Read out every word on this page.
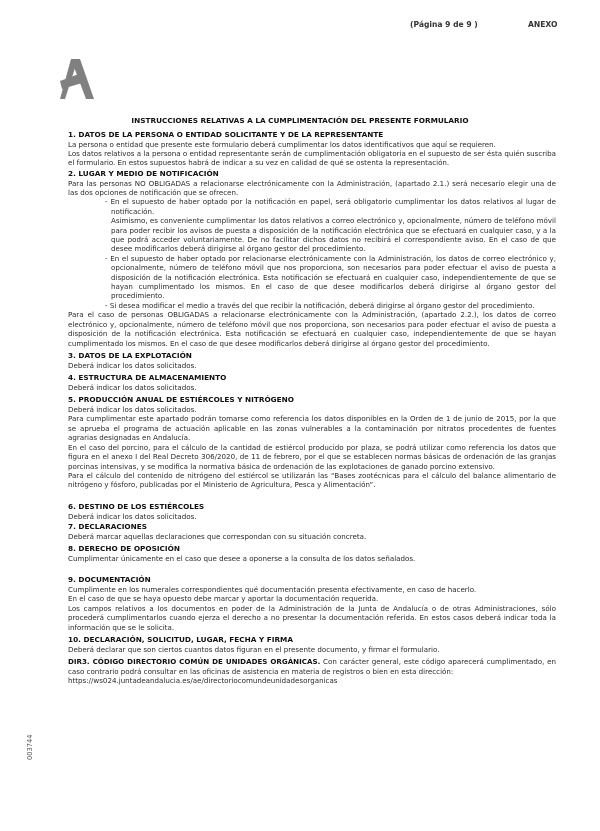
(Página 9 de 9 )	ANEXO
INSTRUCCIONES RELATIVAS A LA CUMPLIMENTACIÓN DEL PRESENTE FORMULARIO
1. DATOS DE LA PERSONA O ENTIDAD SOLICITANTE Y DE LA REPRESENTANTE

La persona o entidad que presente este formulario deberá cumplimentar los datos identificativos que aquí se requieren.

Los datos relativos a la persona o entidad representante serán de cumplimentación obligatoria en el supuesto de ser ésta quién suscriba el formulario. En estos supuestos habrá de indicar a su vez en calidad de qué se ostenta la representación.

2. LUGAR Y MEDIO DE NOTIFICACIÓN

Para las personas NO OBLIGADAS a relacionarse electrónicamente con la Administración, (apartado 2.1.) será necesario elegir una de las dos opciones de notificación que se ofrecen.

- En el supuesto de haber optado por la notificación en papel, será obligatorio cumplimentar los datos relativos al lugar de notificación.

Asimismo, es conveniente cumplimentar los datos relativos a correo electrónico y, opcionalmente, número de teléfono móvil para poder recibir los avisos de puesta a disposición de la notificación electrónica que se efectuará en cualquier caso, y a la que podrá acceder voluntariamente. De no facilitar dichos datos no recibirá el correspondiente aviso. En el caso de que desee modificarlos deberá dirigirse al órgano gestor del procedimiento.

- En el supuesto de haber optado por relacionarse electrónicamente con la Administración, los datos de correo electrónico y, opcionalmente, número de teléfono móvil que nos proporciona, son necesarios para poder efectuar el aviso de puesta a disposición de la notificación electrónica. Esta notificación se efectuará en cualquier caso, independientemente de que se hayan cumplimentado los mismos. En el caso de que desee modificarlos deberá dirigirse al órgano gestor del procedimiento.

- Si desea modificar el medio a través del que recibir la notificación, deberá dirigirse al órgano gestor del procedimiento.

Para el caso de personas OBLIGADAS a relacionarse electrónicamente con la Administración, (apartado 2.2.), los datos de correo electrónico y, opcionalmente, número de teléfono móvil que nos proporciona, son necesarios para poder efectuar el aviso de puesta a disposición de la notificación electrónica. Esta notificación se efectuará en cualquier caso, independientemente de que se hayan cumplimentado los mismos. En el caso de que desee modificarlos deberá dirigirse al órgano gestor del procedimiento.

3. DATOS DE LA EXPLOTACIÓN

Deberá indicar los datos solicitados.

4. ESTRUCTURA DE ALMACENAMIENTO

Deberá indicar los datos solicitados.

5. PRODUCCIÓN ANUAL DE ESTIÉRCOLES Y NITRÓGENO

Deberá indicar los datos solicitados.

Para cumplimentar este apartado podrán tomarse como referencia los datos disponibles en la Orden de 1 de junio de 2015, por la que se aprueba el programa de actuación aplicable en las zonas vulnerables a la contaminación por nitratos procedentes de fuentes agrarias designadas en Andalucía.

En el caso del porcino, para el cálculo de la cantidad de estiércol producido por plaza, se podrá utilizar como referencia los datos que figura en el anexo I del Real Decreto 306/2020, de 11 de febrero, por el que se establecen normas básicas de ordenación de las granjas porcinas intensivas, y se modifica la normativa básica de ordenación de las explotaciones de ganado porcino extensivo.

Para el cálculo del contenido de nitrógeno del estiércol se utilizarán las “Bases zootécnicas para el cálculo del balance alimentario de nitrógeno y fósforo, publicadas por el Ministerio de Agricultura, Pesca y Alimentación”.

6. DESTINO DE LOS ESTIÉRCOLES

Deberá indicar los datos solicitados.

7. DECLARACIONES

Deberá marcar aquellas declaraciones que correspondan con su situación concreta.

8. DERECHO DE OPOSICIÓN

Cumplimentar únicamente en el caso que desee a oponerse a la consulta de los datos señalados.

9. DOCUMENTACIÓN

Cumplimente en los numerales correspondientes qué documentación presenta efectivamente, en caso de hacerlo.

En el caso de que se haya opuesto debe marcar y aportar la documentación requerida.

Los campos relativos a los documentos en poder de la Administración de la Junta de Andalucía o de otras Administraciones, sólo procederá cumplimentarlos cuando ejerza el derecho a no presentar la documentación referida. En estos casos deberá indicar toda la información que se le solicita.

10. DECLARACIÓN, SOLICITUD, LUGAR, FECHA Y FIRMA

Deberá declarar que son ciertos cuantos datos figuran en el presente documento, y firmar el formulario.

DIR3. CÓDIGO DIRECTORIO COMÚN DE UNIDADES ORGÁNICAS. Con carácter general, este código aparecerá cumplimentado, en caso contrario podrá consultar en las oficinas de asistencia en materia de registros o bien en esta dirección:

https://ws024.juntadeandalucia.es/ae/directoriocomundeunidadesorganicas

003744
